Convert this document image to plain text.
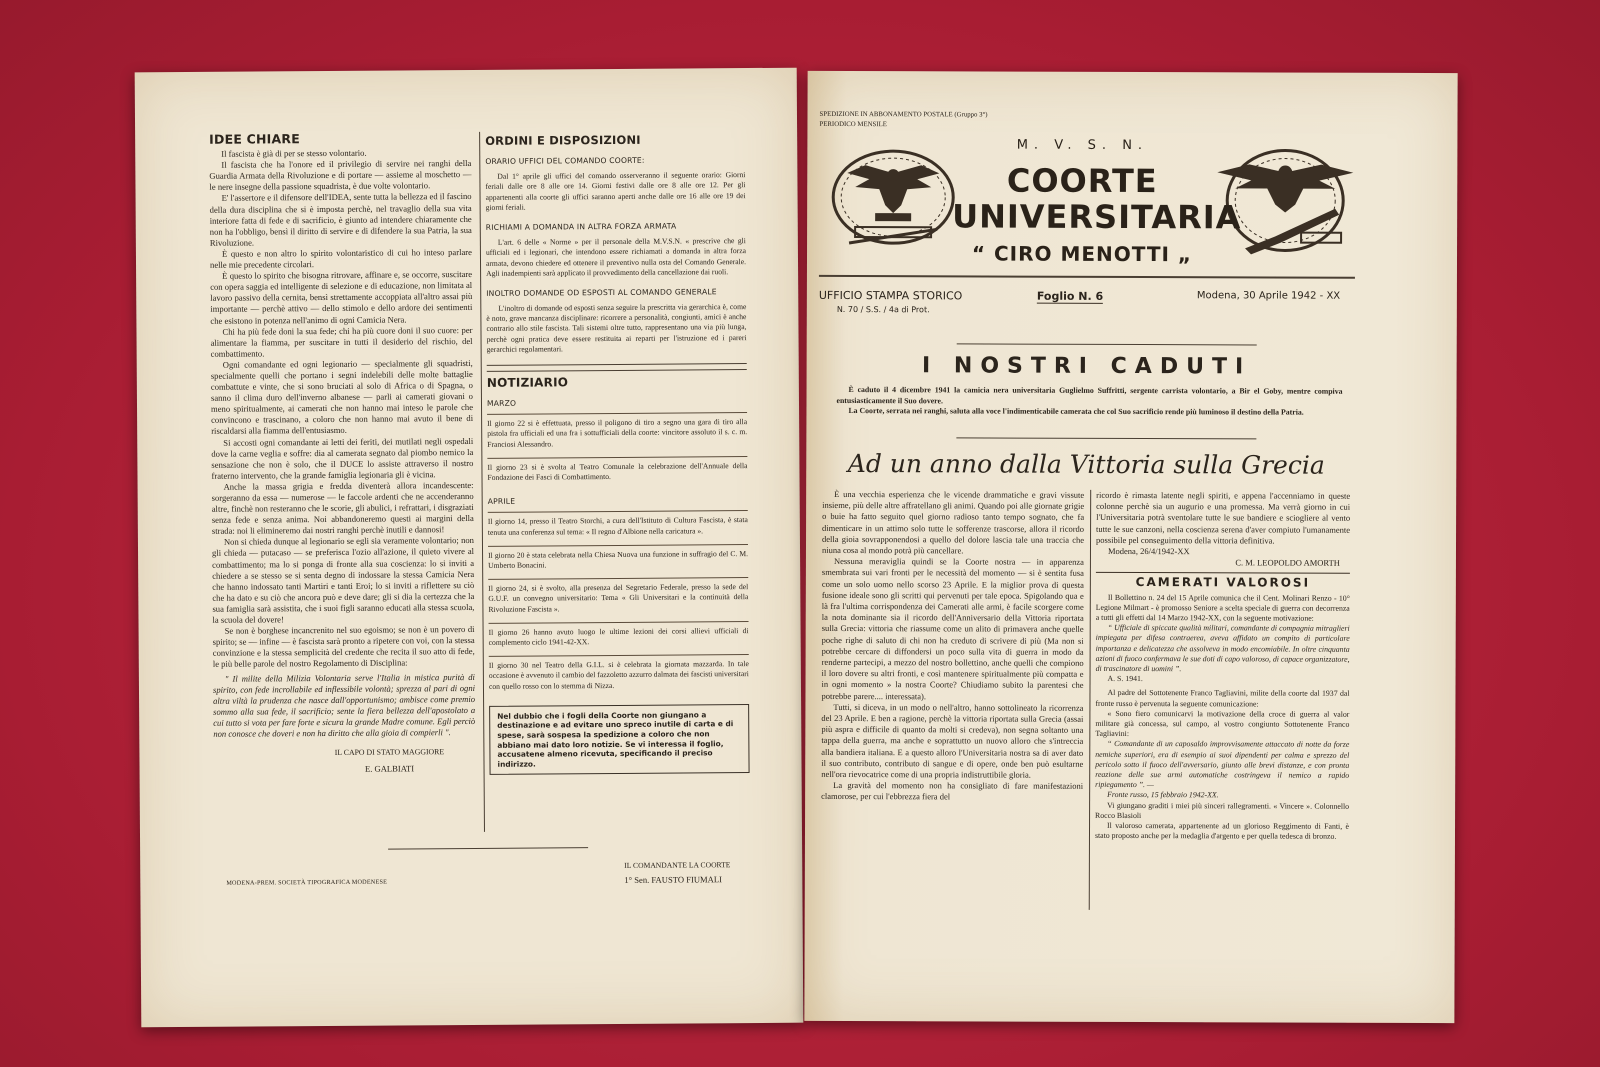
IDEE CHIARE

Il fascista è già di per se stesso volontario.

Il fascista che ha l'onore ed il privilegio di servire nei ranghi della Guardia Armata della Rivoluzione e di portare — assieme al moschetto — le nere insegne della passione squadrista, è due volte volontario.

E' l'assertore e il difensore dell'IDEA, sente tutta la bellezza ed il fascino della dura disciplina che si è imposta perchè, nel travaglio della sua vita interiore fatta di fede e di sacrificio, è giunto ad intendere chiaramente che non ha l'obbligo, bensì il diritto di servire e di difendere la sua Patria, la sua Rivoluzione.

È questo e non altro lo spirito volontaristico di cui ho inteso parlare nelle mie precedente circolari.

È questo lo spirito che bisogna ritrovare, affinare e, se occorre, suscitare con opera saggia ed intelligente di selezione e di educazione, non limitata al lavoro passivo della cernita, bensì strettamente accoppiata all'altro assai più importante — perchè attivo — dello stimolo e dello ardore dei sentimenti che esistono in potenza nell'animo di ogni Camicia Nera.

Chi ha più fede doni la sua fede; chi ha più cuore doni il suo cuore: per alimentare la fiamma, per suscitare in tutti il desiderio del rischio, del combattimento.

Ogni comandante ed ogni legionario — specialmente gli squadristi, specialmente quelli che portano i segni indelebili delle molte battaglie combattute e vinte, che si sono bruciati al solo di Africa o di Spagna, o sanno il clima duro dell'inverno albanese — parli ai camerati giovani o meno spiritualmente, ai camerati che non hanno mai inteso le parole che convincono e trascinano, a coloro che non hanno mai avuto il bene di riscaldarsi alla fiamma dell'entusiasmo.

Si accosti ogni comandante ai letti dei feriti, dei mutilati negli ospedali dove la carne veglia e soffre: dia al camerata segnato dal piombo nemico la sensazione che non è solo, che il DUCE lo assiste attraverso il nostro fraterno intervento, che la grande famiglia legionaria gli è vicina.

Anche la massa grigia e fredda diventerà allora incandescente: sorgeranno da essa — numerose — le faccole ardenti che ne accenderanno altre, finchè non resteranno che le scorie, gli abulici, i refrattari, i disgraziati senza fede e senza anima. Noi abbandoneremo questi ai margini della strada: noi li elimineremo dai nostri ranghi perchè inutili e dannosi!

Non si chieda dunque al legionario se egli sia veramente volontario; non gli chieda — putacaso — se preferisca l'ozio all'azione, il quieto vivere al combattimento; ma lo si ponga di fronte alla sua coscienza: lo si inviti a chiedere a se stesso se si senta degno di indossare la stessa Camicia Nera che hanno indossato tanti Martiri e tanti Eroi; lo si inviti a riflettere su ciò che ha dato e su ciò che ancora può e deve dare; gli si dia la certezza che la sua famiglia sarà assistita, che i suoi figli saranno educati alla stessa scuola, la scuola del dovere!

Se non è borghese incancrenito nel suo egoismo; se non è un povero di spirito; se — infine — è fascista sarà pronto a ripetere con voi, con la stessa convinzione e la stessa semplicità del credente che recita il suo atto di fede, le più belle parole del nostro Regolamento di Disciplina:

" Il milite della Milizia Volontaria serve l'Italia in mistica purità di spirito, con fede incrollabile ed inflessibile volontà; sprezza al pari di ogni altra viltà la prudenza che nasce dall'opportunismo; ambisce come premio sommo alla sua fede, il sacrificio; sente la fiera bellezza dell'apostolato a cui tutto si vota per fare forte e sicura la grande Madre comune. Egli perciò non conosce che doveri e non ha diritto che alla gioia di compierli ".

IL CAPO DI STATO MAGGIORE
E. GALBIATI
ORDINI E DISPOSIZIONI
ORARIO UFFICI DEL COMANDO COORTE:

Dal 1° aprile gli uffici del comando osserveranno il seguente orario: Giorni feriali dalle ore 8 alle ore 14. Giorni festivi dalle ore 8 alle ore 12. Per gli appartenenti alla coorte gli uffici saranno aperti anche dalle ore 16 alle ore 19 dei giorni feriali.

RICHIAMI A DOMANDA IN ALTRA FORZA ARMATA

L'art. 6 delle « Norme » per il personale della M.V.S.N. « prescrive che gli ufficiali ed i legionari, che intendono essere richiamati a domanda in altra forza armata, devono chiedere ed ottenere il preventivo nulla osta del Comando Generale. Agli inadempienti sarà applicato il provvedimento della cancellazione dai ruoli.

INOLTRO DOMANDE OD ESPOSTI AL COMANDO GENERALE

L'inoltro di domande od esposti senza seguire la prescritta via gerarchica è, come è noto, grave mancanza disciplinare: ricorrere a personalità, congiunti, amici è anche contrario allo stile fascista. Tali sistemi oltre tutto, rappresentano una via più lunga, perchè ogni pratica deve essere restituita ai reparti per l'istruzione ed i pareri gerarchici regolamentari.

NOTIZIARIO
MARZO
Il giorno 22 si è effettuata, presso il poligono di tiro a segno una gara di tiro alla pistola fra ufficiali ed una fra i sottufficiali della coorte: vincitore assoluto il s. c. m. Franciosi Alessandro.
Il giorno 23 si è svolta al Teatro Comunale la celebrazione dell'Annuale della Fondazione dei Fasci di Combattimento.
APRILE
Il giorno 14, presso il Teatro Storchi, a cura dell'Istituto di Cultura Fascista, è stata tenuta una conferenza sul tema: « Il regno d'Albione nella caricatura ».
Il giorno 20 è stata celebrata nella Chiesa Nuova una funzione in suffragio del C. M. Umberto Bonacini.
Il giorno 24, si è svolto, alla presenza del Segretario Federale, presso la sede del G.U.F. un convegno universitario: Tema « Gli Universitari e la continuità della Rivoluzione Fascista ».
Il giorno 26 hanno avuto luogo le ultime lezioni dei corsi allievi ufficiali di complemento ciclo 1941-42-XX.
Il giorno 30 nel Teatro della G.I.L. si è celebrata la giornata mazzarda. In tale occasione è avvenuto il cambio del fazzoletto azzurro dalmata dei fascisti universitari con quello rosso con lo stemma di Nizza.
Nel dubbio che i fogli della Coorte non giungano a destinazione e ad evitare uno spreco inutile di carta e di spese, sarà sospesa la spedizione a coloro che non abbiano mai dato loro notizie. Se vi interessa il foglio, accusatene almeno ricevuta, specificando il preciso indirizzo.
IL COMANDANTE LA COORTE
1° Sen. FAUSTO FIUMALI
MODENA-PREM. SOCIETÀ TIPOGRAFICA MODENESE
SPEDIZIONE IN ABBONAMENTO POSTALE (Gruppo 3°)
PERIODICO MENSILE
M. V. S. N.
COORTE
UNIVERSITARIA
“ CIRO MENOTTI „
UFFICIO STAMPA STORICO
N. 70 / S.S. / 4a di Prot.
Foglio N. 6	Modena, 30 Aprile 1942 - XX
I NOSTRI CADUTI

È caduto il 4 dicembre 1941 la camicia nera universitaria Guglielmo Suffritti, sergente carrista volontario, a Bir el Goby, mentre compiva entusiasticamente il Suo dovere.

La Coorte, serrata nei ranghi, saluta alla voce l'indimenticabile camerata che col Suo sacrificio rende più luminoso il destino della Patria.

Ad un anno dalla Vittoria sulla Grecia

È una vecchia esperienza che le vicende drammatiche e gravi vissute insieme, più delle altre affratellano gli animi. Quando poi alle giornate grigie o buie ha fatto seguito quel giorno radioso tanto tempo sognato, che fa dimenticare in un attimo solo tutte le sofferenze trascorse, allora il ricordo della gioia sovrapponendosi a quello del dolore lascia tale una traccia che niuna cosa al mondo potrà più cancellare.

Nessuna meraviglia quindi se la Coorte nostra — in apparenza smembrata sui vari fronti per le necessità del momento — si è sentita fusa come un solo uomo nello scorso 23 Aprile. E la miglior prova di questa fusione ideale sono gli scritti qui pervenuti per tale epoca. Spigolando qua e là fra l'ultima corrispondenza dei Camerati alle armi, è facile scorgere come la nota dominante sia il ricordo dell'Anniversario della Vittoria riportata sulla Grecia: vittoria che riassume come un alito di primavera anche quelle poche righe di saluto di chi non ha creduto di scrivere di più (Ma non si potrebbe cercare di diffondersi un poco sulla vita di guerra in modo da renderne partecipi, a mezzo del nostro bollettino, anche quelli che compiono il loro dovere su altri fronti, e così mantenere spiritualmente più compatta e in ogni momento » la nostra Coorte? Chiudiamo subito la parentesi che potrebbe parere.... interessata).

Tutti, si diceva, in un modo o nell'altro, hanno sottolineato la ricorrenza del 23 Aprile. E ben a ragione, perchè la vittoria riportata sulla Grecia (assai più aspra e difficile di quanto da molti si credeva), non segna soltanto una tappa della guerra, ma anche e soprattutto un nuovo alloro che s'intreccia alla bandiera italiana. E a questo alloro l'Universitaria nostra sa di aver dato il suo contributo, contributo di sangue e di opere, onde ben può esultarne nell'ora rievocatrice come di una propria indistruttibile gloria.

La gravità del momento non ha consigliato di fare manifestazioni clamorose, per cui l'ebbrezza fiera del

ricordo è rimasta latente negli spiriti, e appena l'accenniamo in queste colonne perchè sia un augurio e una promessa. Ma verrà giorno in cui l'Universitaria potrà sventolare tutte le sue bandiere e sciogliere al vento tutte le sue canzoni, nella coscienza serena d'aver compiuto l'umanamente possibile pel conseguimento della vittoria definitiva.

Modena, 26/4/1942-XX

C. M. LEOPOLDO AMORTH
CAMERATI VALOROSI

Il Bollettino n. 24 del 15 Aprile comunica che il Cent. Molinari Renzo - 10° Legione Milmart - è promosso Seniore a scelta speciale di guerra con decorrenza a tutti gli effetti dal 14 Marzo 1942-XX, con la seguente motivazione:

“ Ufficiale di spiccate qualità militari, comandante di compagnia mitraglieri impiegata per difesa contraerea, aveva affidato un compito di particolare importanza e delicatezza che assolveva in modo encomiabile. In oltre cinquanta azioni di fuoco confermava le sue doti di capo valoroso, di capace organizzatore, di trascinatore di uomini ”.

A. S. 1941.

Al padre del Sottotenente Franco Tagliavini, milite della coorte dal 1937 dal fronte russo è pervenuta la seguente comunicazione:

« Sono fiero comunicarvi la motivazione della croce di guerra al valor militare già concessa, sul campo, al vostro congiunto Sottotenente Franco Tagliavini:

“ Comandante di un caposaldo improvvisamente attaccato di notte da forze nemiche superiori, era di esempio ai suoi dipendenti per calma e sprezzo del pericolo sotto il fuoco dell'avversario, giunto alle brevi distanze, e con pronta reazione delle sue armi automatiche costringeva il nemico a rapido ripiegamento ”. —

Fronte russo, 15 febbraio 1942-XX.

Vi giungano graditi i miei più sinceri rallegramenti. « Vincere ». Colonnello Rocco Blasioli

Il valoroso camerata, appartenente ad un glorioso Reggimento di Fanti, è stato proposto anche per la medaglia d'argento e per quella tedesca di bronzo.
